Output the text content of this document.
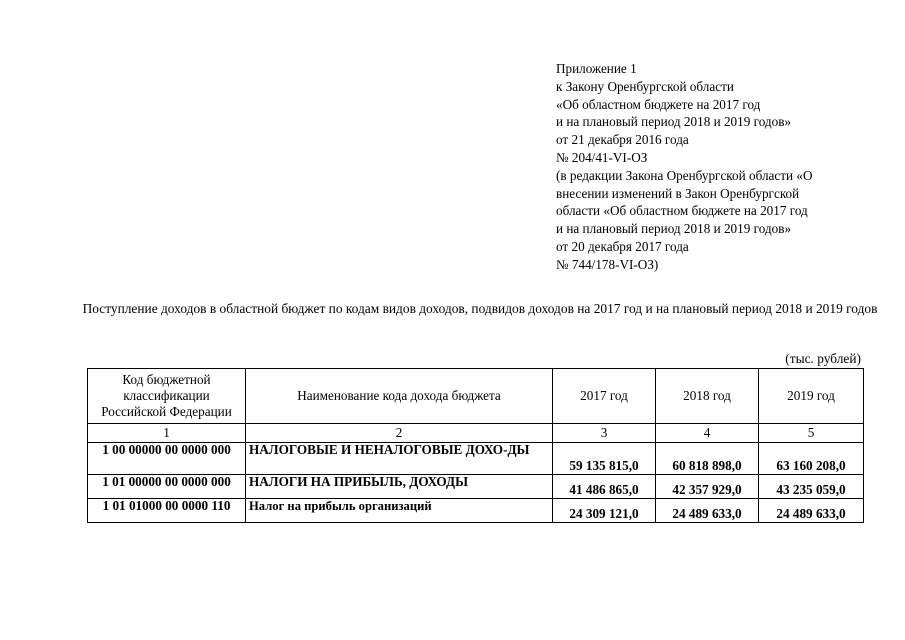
Приложение 1
к Закону Оренбургской области
«Об областном бюджете на 2017 год
и на плановый период 2018 и 2019 годов»
от 21 декабря 2016 года
№ 204/41-VI-ОЗ
(в редакции Закона Оренбургской области «О
внесении изменений в Закон Оренбургской
области «Об областном бюджете на 2017 год
и на плановый период 2018 и 2019 годов»
от 20 декабря 2017 года
№ 744/178-VI-ОЗ)
Поступление доходов в областной бюджет по кодам видов доходов, подвидов доходов на 2017 год и на плановый период 2018 и 2019 годов
(тыс. рублей)
Код бюджетной классификации Российской Федерации	Наименование кода дохода бюджета	2017 год	2018 год	2019 год
1	2	3	4	5
1 00 00000 00 0000 000	НАЛОГОВЫЕ И НЕНАЛОГОВЫЕ ДОХО-ДЫ	59 135 815,0	60 818 898,0	63 160 208,0
1 01 00000 00 0000 000	НАЛОГИ НА ПРИБЫЛЬ, ДОХОДЫ	41 486 865,0	42 357 929,0	43 235 059,0
1 01 01000 00 0000 110	Налог на прибыль организаций	24 309 121,0	24 489 633,0	24 489 633,0
